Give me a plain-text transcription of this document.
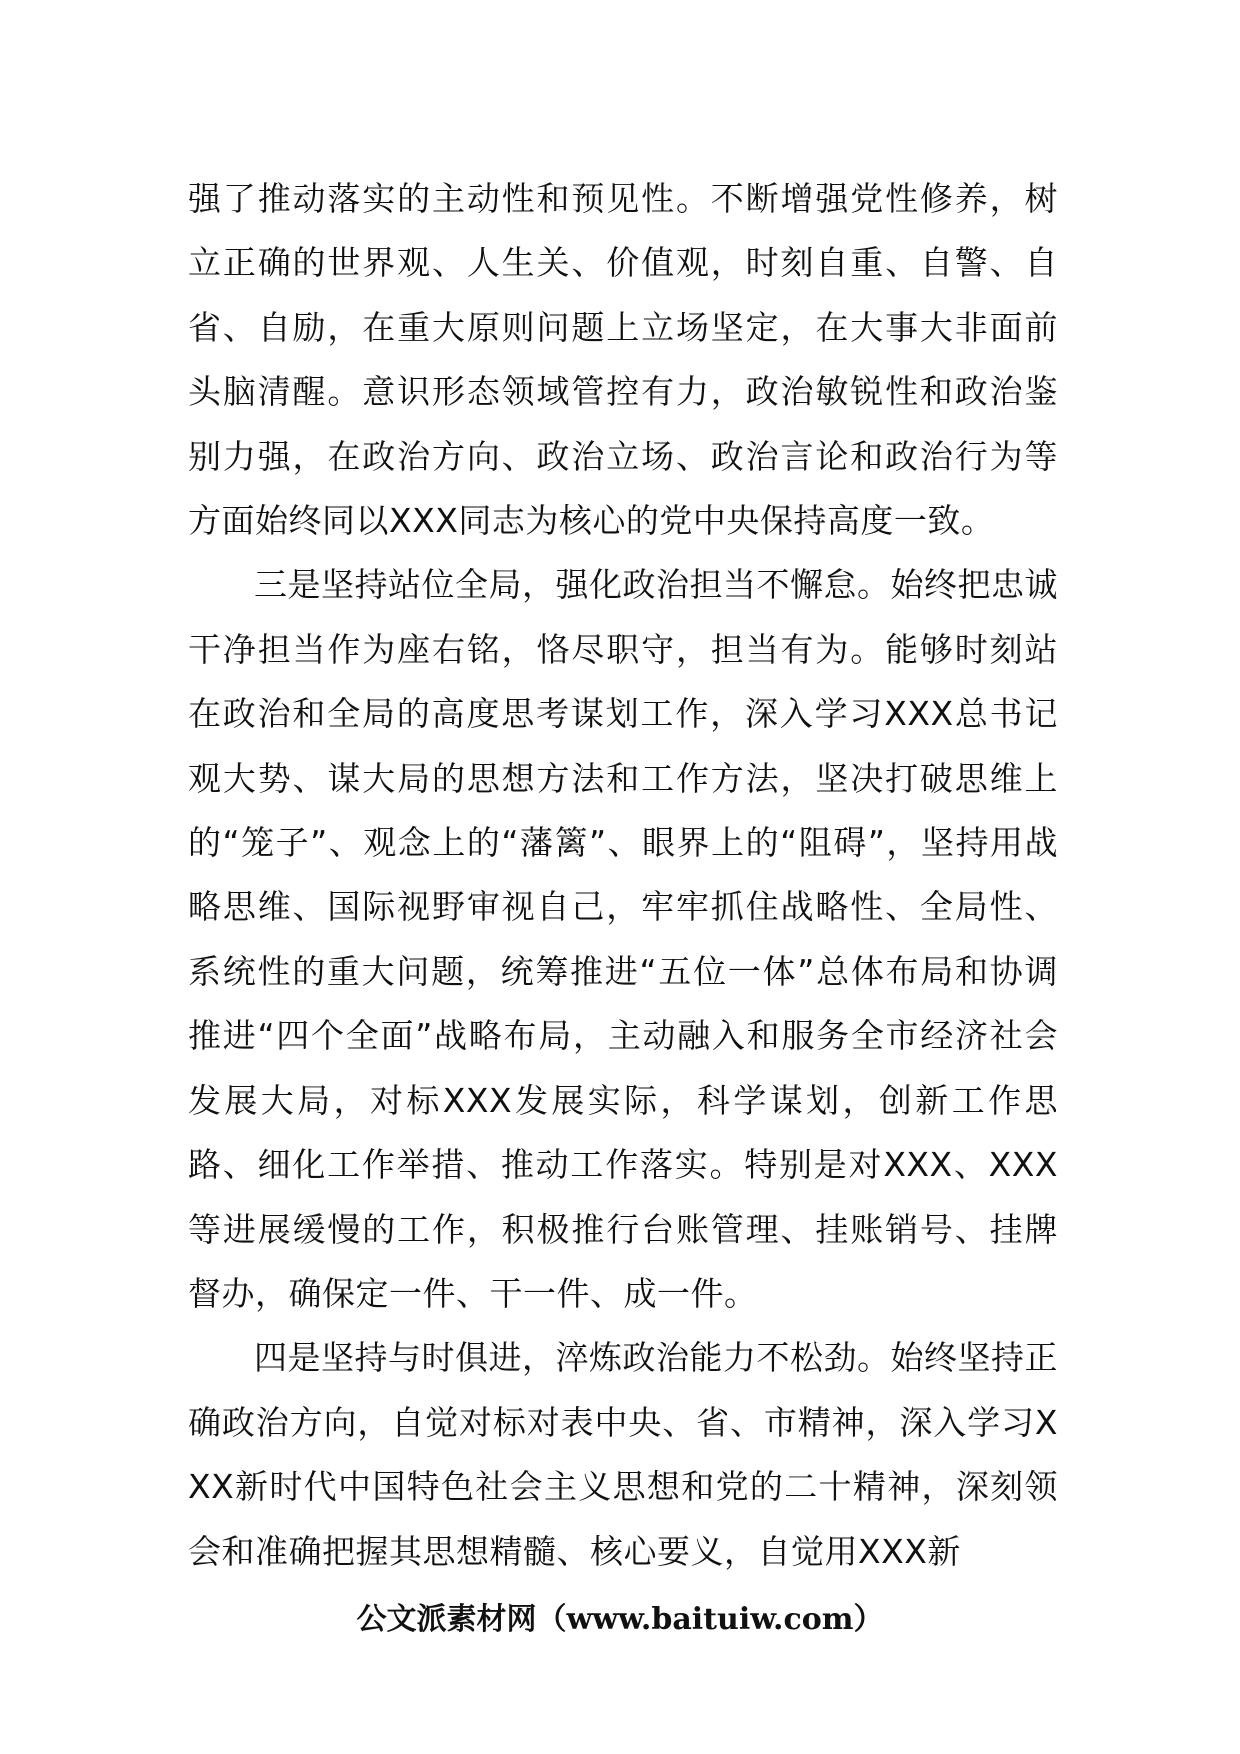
强了推动落实的主动性和预见性。不断增强党性修养，树立正确的世界观、人生关、价值观，时刻自重、自警、自省、自励，在重大原则问题上立场坚定，在大事大非面前头脑清醒。意识形态领域管控有力，政治敏锐性和政治鉴别力强，在政治方向、政治立场、政治言论和政治行为等方面始终同以XXX同志为核心的党中央保持高度一致。

三是坚持站位全局，强化政治担当不懈怠。始终把忠诚干净担当作为座右铭，恪尽职守，担当有为。能够时刻站在政治和全局的高度思考谋划工作，深入学习XXX总书记观大势、谋大局的思想方法和工作方法，坚决打破思维上的“笼子”、观念上的“藩篱”、眼界上的“阻碍”，坚持用战略思维、国际视野审视自己，牢牢抓住战略性、全局性、系统性的重大问题，统筹推进“五位一体”总体布局和协调推进“四个全面”战略布局，主动融入和服务全市经济社会发展大局，对标XXX发展实际，科学谋划，创新工作思路、细化工作举措、推动工作落实。特别是对XXX、XXX等进展缓慢的工作，积极推行台账管理、挂账销号、挂牌督办，确保定一件、干一件、成一件。

四是坚持与时俱进，淬炼政治能力不松劲。始终坚持正确政治方向，自觉对标对表中央、省、市精神，深入学习XXX新时代中国特色社会主义思想和党的二十精神，深刻领会和准确把握其思想精髓、核心要义，自觉用XXX新

公文派素材网（www.baituiw.com）
